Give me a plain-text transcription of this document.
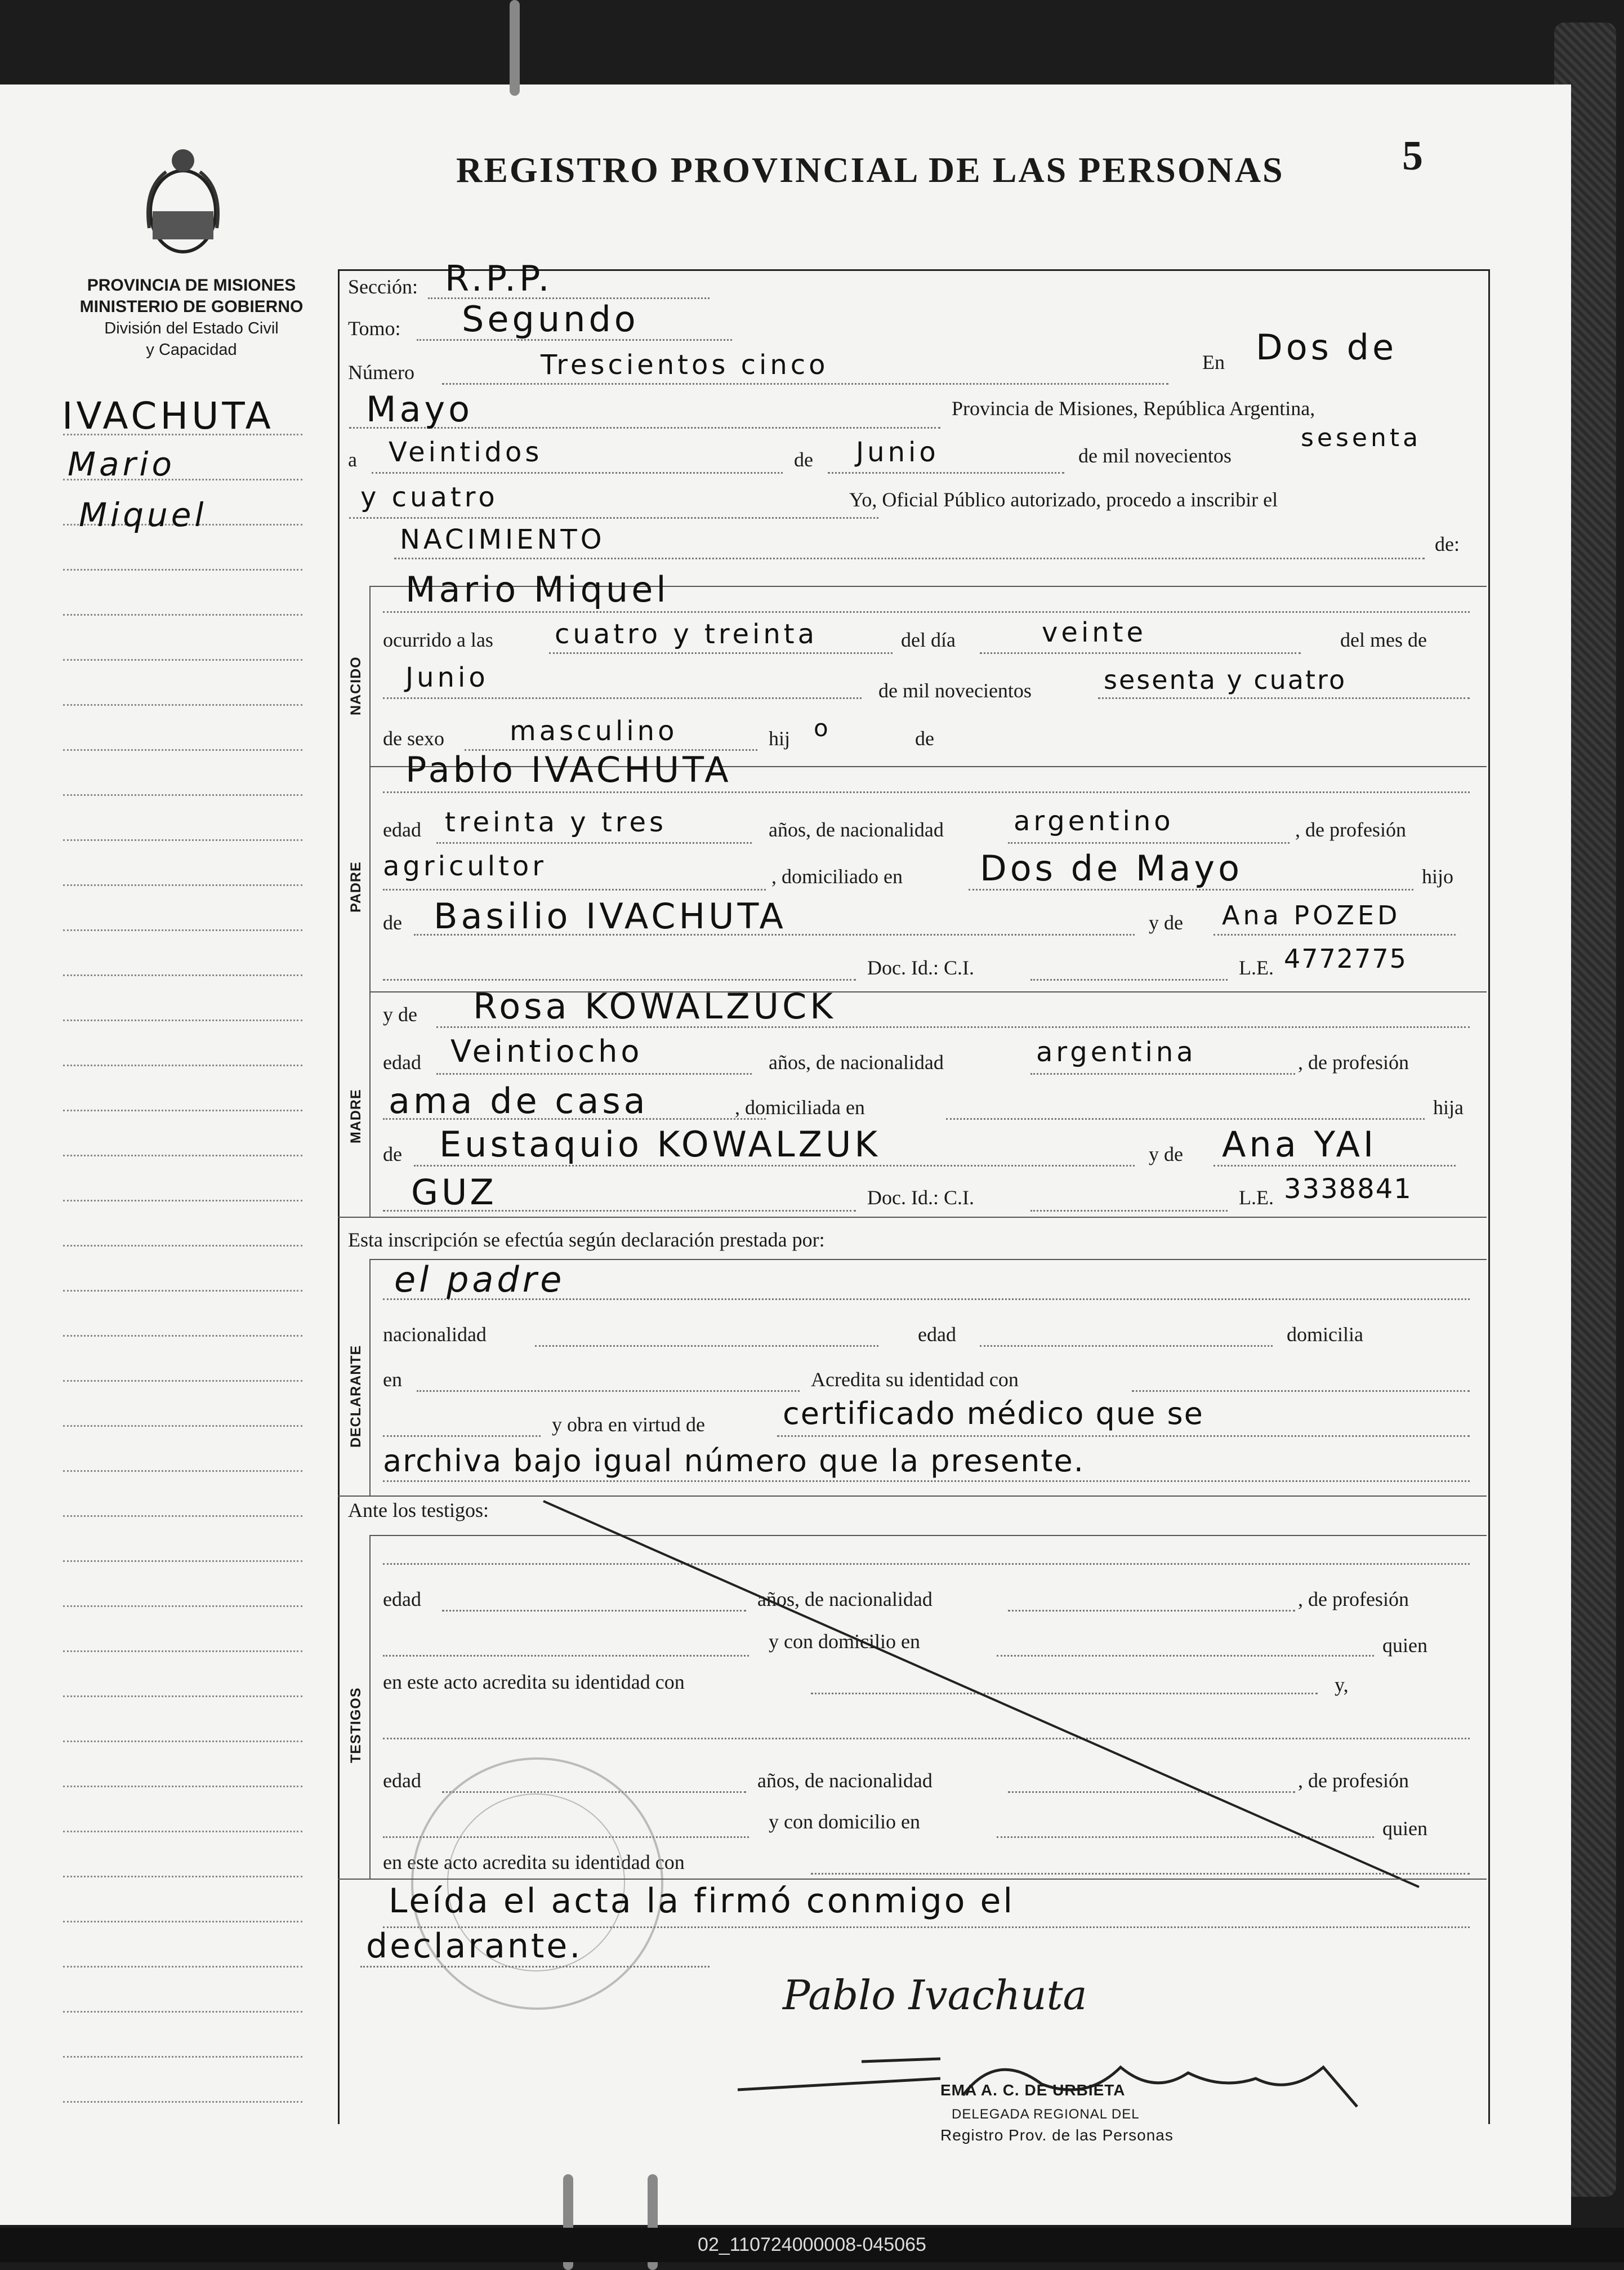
REGISTRO PROVINCIAL DE LAS PERSONAS	5
PROVINCIA DE MISIONES
MINISTERIO DE GOBIERNO
División del Estado Civil
y Capacidad
IVACHUTA
Mario
Miquel
Sección: R.P.P.
Tomo: Segundo
Número	Trescientos cinco	En Dos de
Mayo	Provincia de Misiones, República Argentina,
a Veintidos	de Junio	de mil novecientos
sesenta
y cuatro	Yo, Oficial Público autorizado, procedo a inscribir el
NACIMIENTO	de:
NACIDO
Mario Miquel
ocurrido a las cuatro y treinta	del día	veinte	del mes de
Junio	de mil novecientos	sesenta y cuatro
de sexo masculino	hij o	de
PADRE
Pablo IVACHUTA
edad treinta y tres	años, de nacionalidad	argentino	, de profesión
agricultor	, domiciliado en Dos de Mayo	hijo
de Basilio IVACHUTA	y de Ana POZED
Doc. Id.: C.I.	L.E. 4772775
MADRE
y de Rosa KOWALZUCK
edad Veintiocho	años, de nacionalidad	argentina	, de profesión
ama de casa	, domiciliada en	hija
de Eustaquio KOWALZUK	y de Ana YAI
GUZ	Doc. Id.: C.I.	L.E. 3338841
Esta inscripción se efectúa según declaración prestada por:
DECLARANTE
el padre
nacionalidad	edad	domicilia
en	Acredita su identidad con
y obra en virtud de	certificado médico que se
archiva bajo igual número que la presente.
Ante los testigos:
TESTIGOS
edad	años, de nacionalidad	, de profesión
y con domicilio en	quien
en este acto acredita su identidad con	y,
edad	años, de nacionalidad	, de profesión
y con domicilio en	quien
en este acto acredita su identidad con
Leída el acta la firmó conmigo el
declarante.
Pablo Ivachuta
EMA A. C. DE URBIETA
DELEGADA REGIONAL DEL
Registro Prov. de las Personas
02_110724000008-045065
